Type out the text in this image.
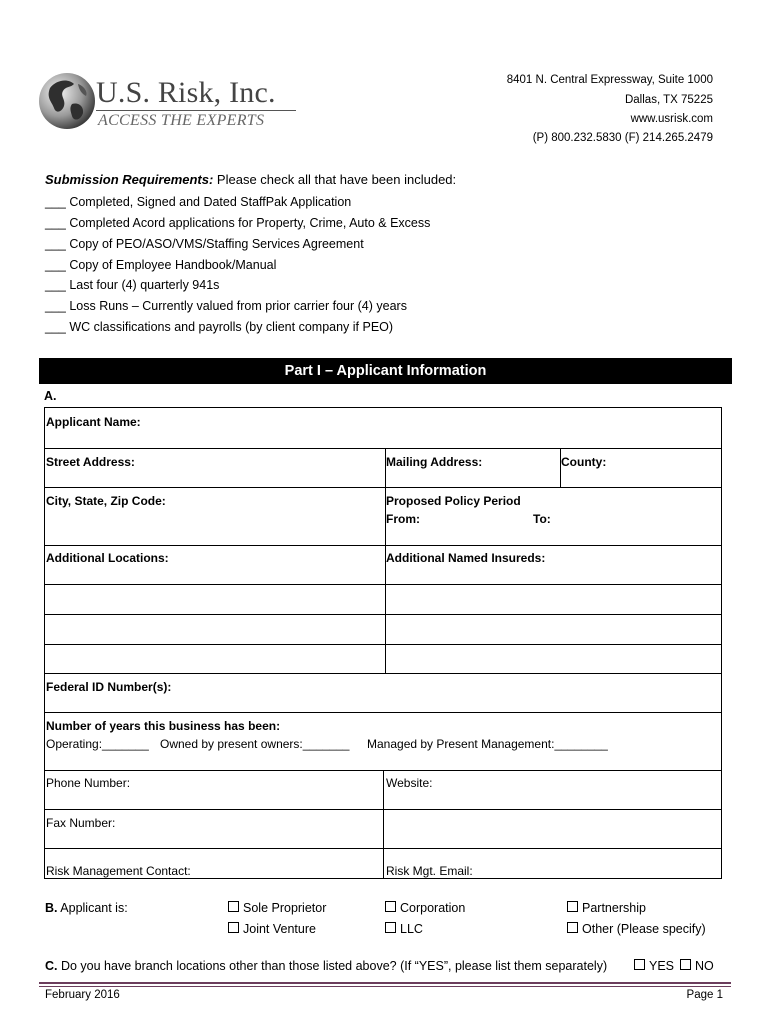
U.S. Risk, Inc.
ACCESS THE EXPERTS
8401 N. Central Expressway, Suite 1000
Dallas, TX 75225
www.usrisk.com
(P) 800.232.5830 (F) 214.265.2479
Submission Requirements: Please check all that have been included:
___ Completed, Signed and Dated StaffPak Application
___ Completed Acord applications for Property, Crime, Auto & Excess
___ Copy of PEO/ASO/VMS/Staffing Services Agreement
___ Copy of Employee Handbook/Manual
___ Last four (4) quarterly 941s
___ Loss Runs – Currently valued from prior carrier four (4) years
___ WC classifications and payrolls (by client company if PEO)
Part I – Applicant Information
A.
Applicant Name:
Street Address:	Mailing Address:	County:
City, State, Zip Code:	Proposed Policy Period
From:	To:
Additional Locations:	Additional Named Insureds:
Federal ID Number(s):
Number of years this business has been:
Operating:_______ Owned by present owners:_______ Managed by Present Management:________
Phone Number:	Website:
Fax Number:
Risk Management Contact:	Risk Mgt. Email:
B. Applicant is:	Sole Proprietor	Corporation	Partnership
Joint Venture	LLC	Other (Please specify)
C. Do you have branch locations other than those listed above? (If “YES”, please list them separately)	YES	NO
February 2016	Page 1
